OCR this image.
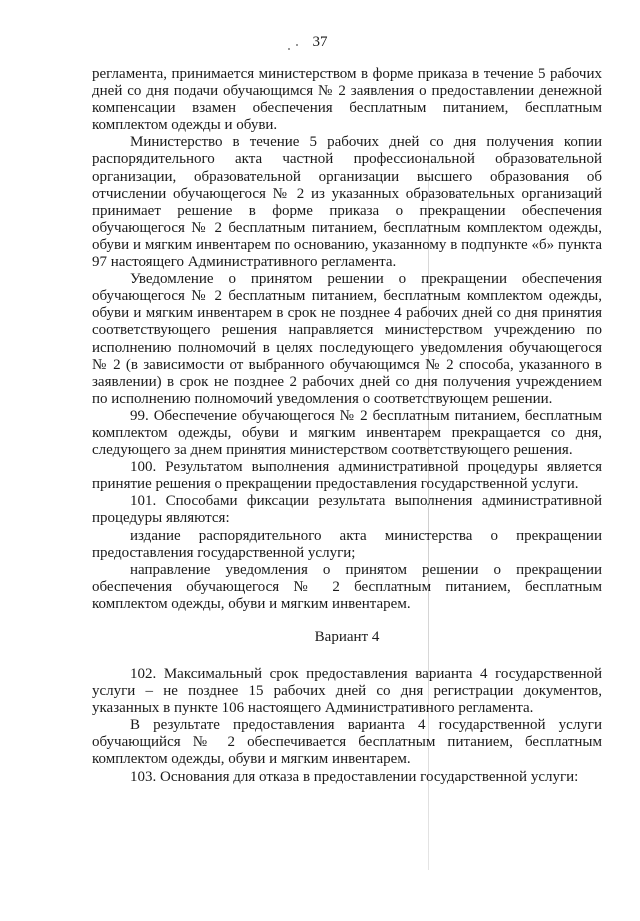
37

регламента, принимается министерством в форме приказа в течение 5 рабочих дней со дня подачи обучающимся № 2 заявления о предоставлении денежной компенсации взамен обеспечения бесплатным питанием, бесплатным комплектом одежды и обуви.

Министерство в течение 5 рабочих дней со дня получения копии распорядительного акта частной профессиональной образовательной организации, образовательной организации высшего образования об отчислении обучающегося № 2 из указанных образовательных организаций принимает решение в форме приказа о прекращении обеспечения обучающегося № 2 бесплатным питанием, бесплатным комплектом одежды, обуви и мягким инвентарем по основанию, указанному в подпункте «б» пункта 97 настоящего Административного регламента.

Уведомление о принятом решении о прекращении обеспечения обучающегося № 2 бесплатным питанием, бесплатным комплектом одежды, обуви и мягким инвентарем в срок не позднее 4 рабочих дней со дня принятия соответствующего решения направляется министерством учреждению по исполнению полномочий в целях последующего уведомления обучающегося № 2 (в зависимости от выбранного обучающимся № 2 способа, указанного в заявлении) в срок не позднее 2 рабочих дней со дня получения учреждением по исполнению полномочий уведомления о соответствующем решении.

99. Обеспечение обучающегося № 2 бесплатным питанием, бесплатным комплектом одежды, обуви и мягким инвентарем прекращается со дня, следующего за днем принятия министерством соответствующего решения.

100. Результатом выполнения административной процедуры является принятие решения о прекращении предоставления государственной услуги.

101. Способами фиксации результата выполнения административной процедуры являются:

издание распорядительного акта министерства о прекращении предоставления государственной услуги;

направление уведомления о принятом решении о прекращении обеспечения обучающегося № 2 бесплатным питанием, бесплатным комплектом одежды, обуви и мягким инвентарем.

Вариант 4

102. Максимальный срок предоставления варианта 4 государственной услуги – не позднее 15 рабочих дней со дня регистрации документов, указанных в пункте 106 настоящего Административного регламента.

В результате предоставления варианта 4 государственной услуги обучающийся № 2 обеспечивается бесплатным питанием, бесплатным комплектом одежды, обуви и мягким инвентарем.

103. Основания для отказа в предоставлении государственной услуги:
